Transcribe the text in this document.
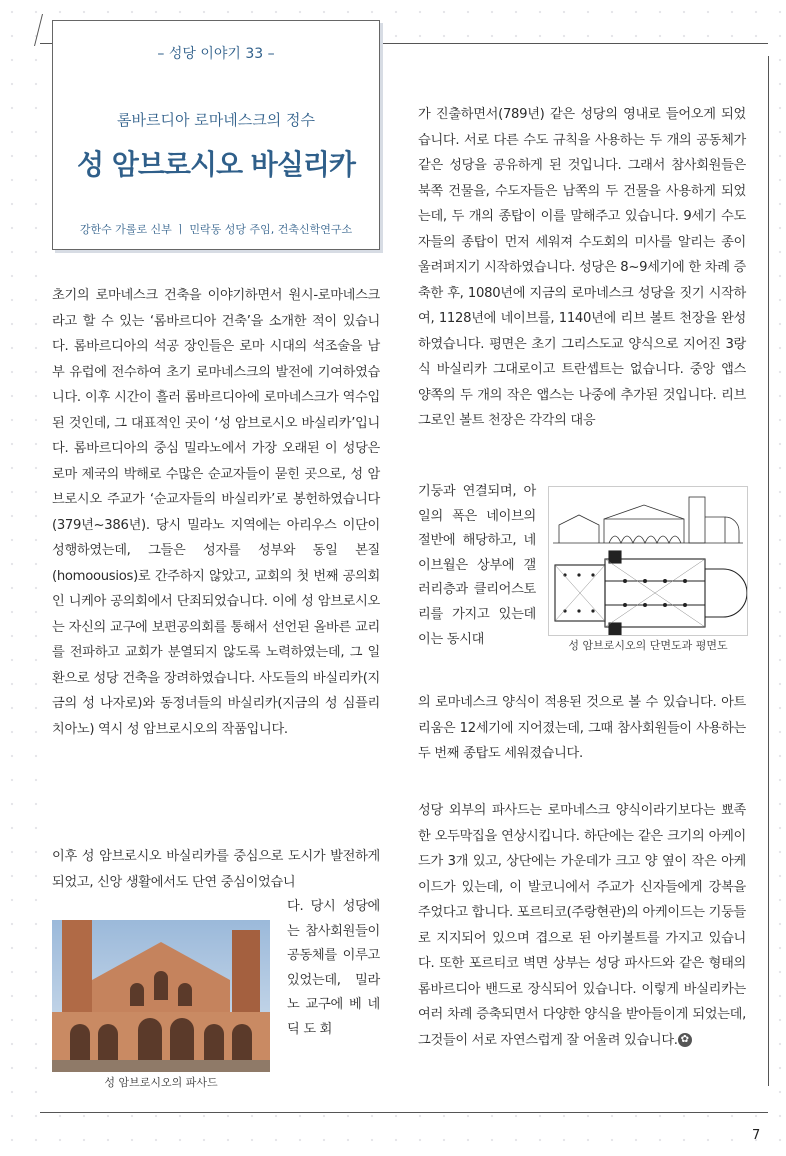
– 성당 이야기 33 –
롬바르디아 로마네스크의 정수
성 암브로시오 바실리카
강한수 가롤로 신부 ㅣ 민락동 성당 주임, 건축신학연구소

초기의 로마네스크 건축을 이야기하면서 원시-로마네스크라고 할 수 있는 ‘롬바르디아 건축’을 소개한 적이 있습니다. 롬바르디아의 석공 장인들은 로마 시대의 석조술을 남부 유럽에 전수하여 초기 로마네스크의 발전에 기여하였습니다. 이후 시간이 흘러 롬바르디아에 로마네스크가 역수입된 것인데, 그 대표적인 곳이 ‘성 암브로시오 바실리카’입니다. 롬바르디아의 중심 밀라노에서 가장 오래된 이 성당은 로마 제국의 박해로 수많은 순교자들이 묻힌 곳으로, 성 암브로시오 주교가 ‘순교자들의 바실리카’로 봉헌하였습니다(379년~386년). 당시 밀라노 지역에는 아리우스 이단이 성행하였는데, 그들은 성자를 성부와 동일 본질(homoousios)로 간주하지 않았고, 교회의 첫 번째 공의회인 니케아 공의회에서 단죄되었습니다. 이에 성 암브로시오는 자신의 교구에 보편공의회를 통해서 선언된 올바른 교리를 전파하고 교회가 분열되지 않도록 노력하였는데, 그 일환으로 성당 건축을 장려하였습니다. 사도들의 바실리카(지금의 성 나자로)와 동정녀들의 바실리카(지금의 성 심플리치아노) 역시 성 암브로시오의 작품입니다.

이후 성 암브로시오 바실리카를 중심으로 도시가 발전하게 되었고, 신앙 생활에서도 단연 중심이었습니

다. 당시 성당에는 참사회원들이 공동체를 이루고 있었는데, 밀라노 교구에 베 네 딕 도 회

성 암브로시오의 파사드

가 진출하면서(789년) 같은 성당의 영내로 들어오게 되었습니다. 서로 다른 수도 규칙을 사용하는 두 개의 공동체가 같은 성당을 공유하게 된 것입니다. 그래서 참사회원들은 북쪽 건물을, 수도자들은 남쪽의 두 건물을 사용하게 되었는데, 두 개의 종탑이 이를 말해주고 있습니다. 9세기 수도자들의 종탑이 먼저 세워져 수도회의 미사를 알리는 종이 울려퍼지기 시작하였습니다. 성당은 8~9세기에 한 차례 증축한 후, 1080년에 지금의 로마네스크 성당을 짓기 시작하여, 1128년에 네이브를, 1140년에 리브 볼트 천장을 완성하였습니다. 평면은 초기 그리스도교 양식으로 지어진 3랑식 바실리카 그대로이고 트란셉트는 없습니다. 중앙 앱스 양쪽의 두 개의 작은 앱스는 나중에 추가된 것입니다. 리브 그로인 볼트 천장은 각각의 대응

기둥과 연결되며, 아일의 폭은 네이브의 절반에 해당하고, 네이브월은 상부에 갤러리층과 클리어스토리를 가지고 있는데 이는 동시대	성 암브로시오의 단면도과 평면도

의 로마네스크 양식이 적용된 것으로 볼 수 있습니다. 아트리움은 12세기에 지어졌는데, 그때 참사회원들이 사용하는 두 번째 종탑도 세워졌습니다.

성당 외부의 파사드는 로마네스크 양식이라기보다는 뾰족한 오두막집을 연상시킵니다. 하단에는 같은 크기의 아케이드가 3개 있고, 상단에는 가운데가 크고 양 옆이 작은 아케이드가 있는데, 이 발코니에서 주교가 신자들에게 강복을 주었다고 합니다. 포르티코(주랑현관)의 아케이드는 기둥들로 지지되어 있으며 겹으로 된 아키볼트를 가지고 있습니다. 또한 포르티코 벽면 상부는 성당 파사드와 같은 형태의 롬바르디아 밴드로 장식되어 있습니다. 이렇게 바실리카는 여러 차례 증축되면서 다양한 양식을 받아들이게 되었는데, 그것들이 서로 자연스럽게 잘 어울려 있습니다. ✿

7
